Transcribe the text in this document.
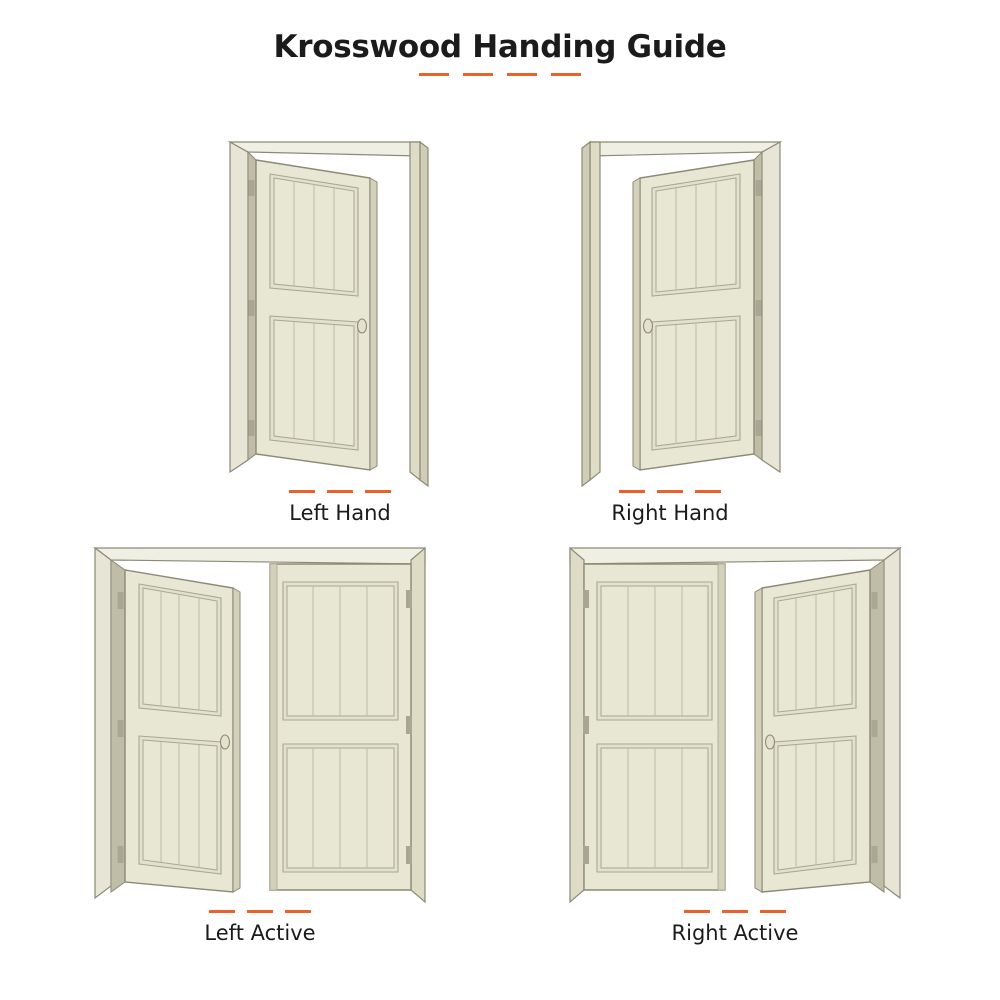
Krosswood Handing Guide
Left Hand	Right Hand
Left Active	Right Active
